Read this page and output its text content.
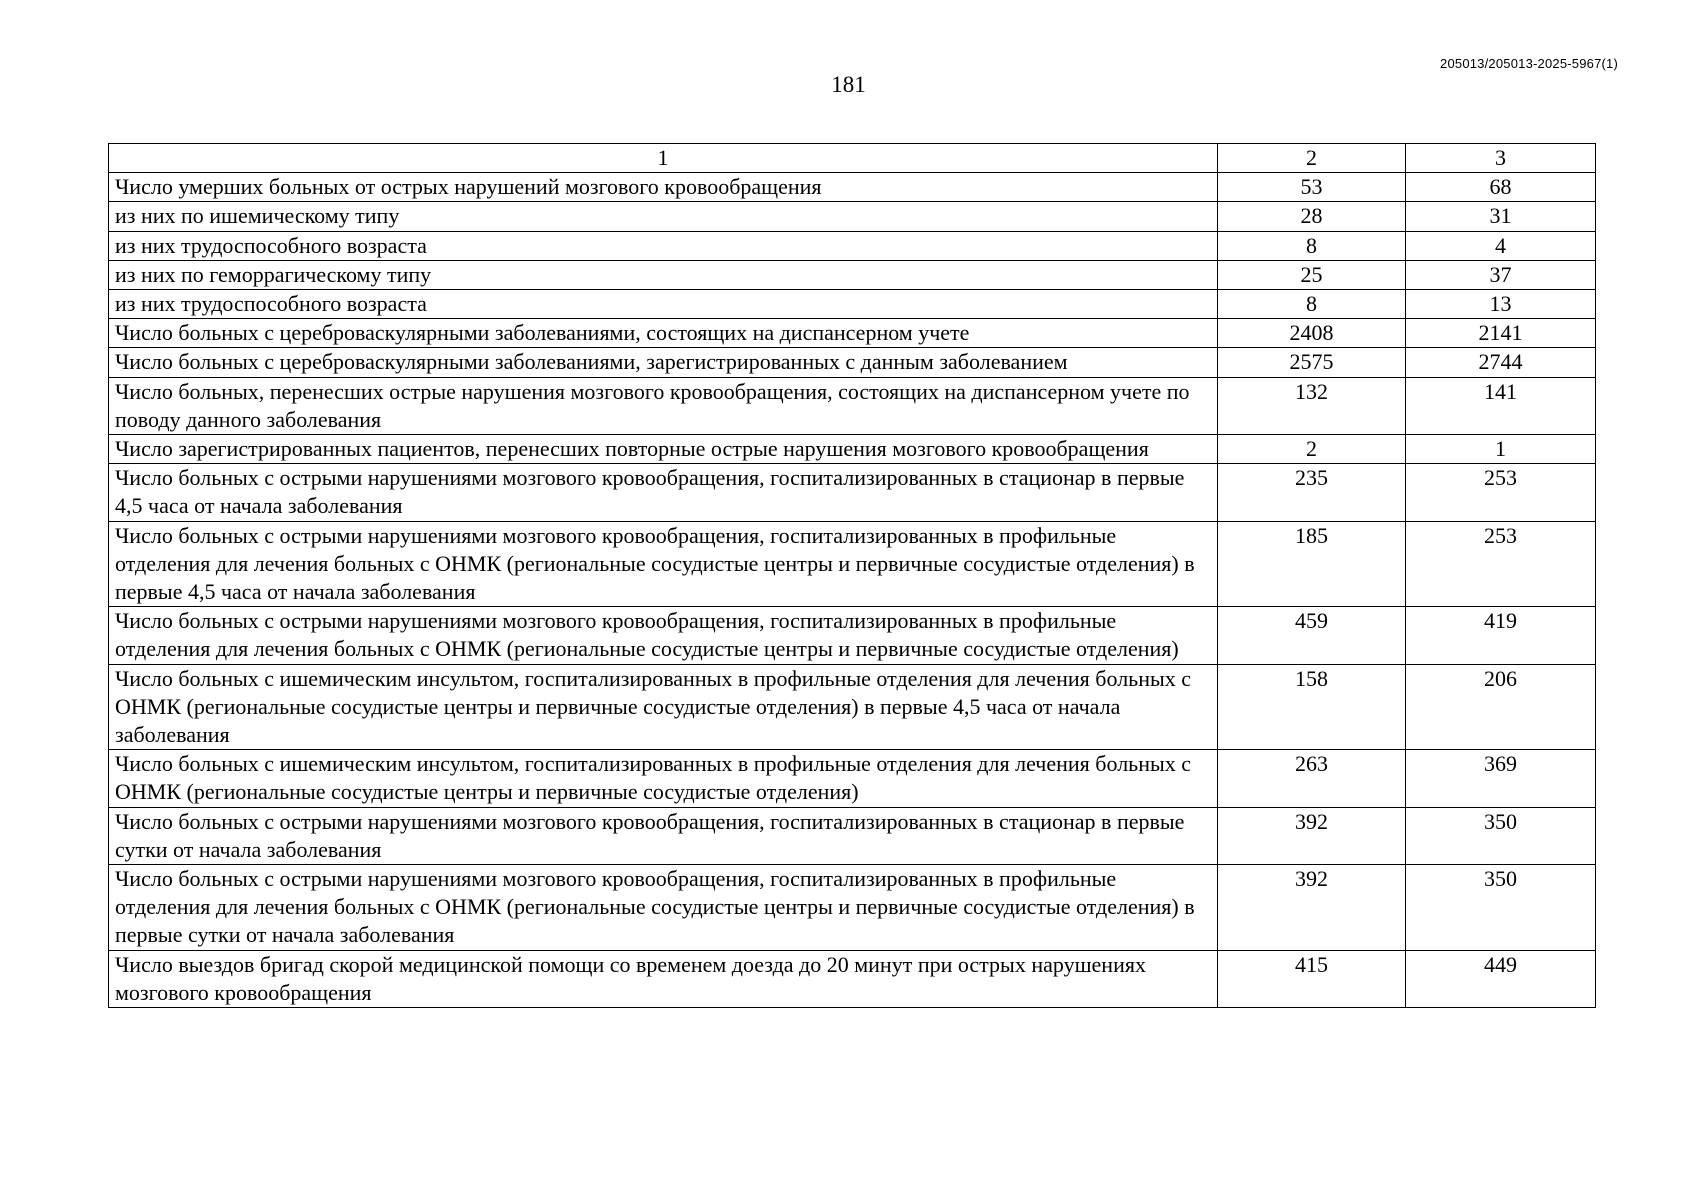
205013/205013-2025-5967(1)
181
1	2	3
Число умерших больных от острых нарушений мозгового кровообращения	53	68
из них по ишемическому типу	28	31
из них трудоспособного возраста	8	4
из них по геморрагическому типу	25	37
из них трудоспособного возраста	8	13
Число больных с цереброваскулярными заболеваниями, состоящих на диспансерном учете	2408	2141
Число больных с цереброваскулярными заболеваниями, зарегистрированных с данным заболеванием	2575	2744
Число больных, перенесших острые нарушения мозгового кровообращения, состоящих на диспансерном учете по поводу данного заболевания	132	141
Число зарегистрированных пациентов, перенесших повторные острые нарушения мозгового кровообращения	2	1
Число больных с острыми нарушениями мозгового кровообращения, госпитализированных в стационар в первые 4,5 часа от начала заболевания	235	253
Число больных с острыми нарушениями мозгового кровообращения, госпитализированных в профильные отделения для лечения больных с ОНМК (региональные сосудистые центры и первичные сосудистые отделения) в первые 4,5 часа от начала заболевания	185	253
Число больных с острыми нарушениями мозгового кровообращения, госпитализированных в профильные отделения для лечения больных с ОНМК (региональные сосудистые центры и первичные сосудистые отделения)	459	419
Число больных с ишемическим инсультом, госпитализированных в профильные отделения для лечения больных с ОНМК (региональные сосудистые центры и первичные сосудистые отделения) в первые 4,5 часа от начала заболевания	158	206
Число больных с ишемическим инсультом, госпитализированных в профильные отделения для лечения больных с ОНМК (региональные сосудистые центры и первичные сосудистые отделения)	263	369
Число больных с острыми нарушениями мозгового кровообращения, госпитализированных в стационар в первые сутки от начала заболевания	392	350
Число больных с острыми нарушениями мозгового кровообращения, госпитализированных в профильные отделения для лечения больных с ОНМК (региональные сосудистые центры и первичные сосудистые отделения) в первые сутки от начала заболевания	392	350
Число выездов бригад скорой медицинской помощи со временем доезда до 20 минут при острых нарушениях мозгового кровообращения	415	449
